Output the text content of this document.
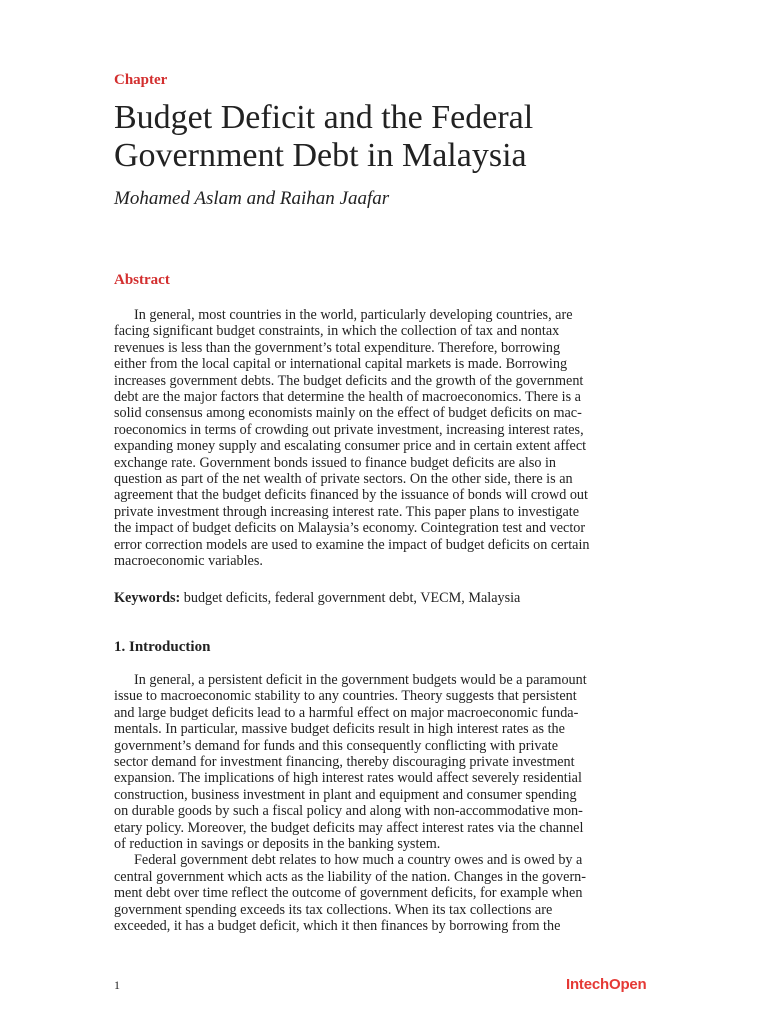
Chapter
Budget Deficit and the Federal
Government Debt in Malaysia
Mohamed Aslam and Raihan Jaafar
Abstract
In general, most countries in the world, particularly developing countries, are
facing significant budget constraints, in which the collection of tax and nontax
revenues is less than the government’s total expenditure. Therefore, borrowing
either from the local capital or international capital markets is made. Borrowing
increases government debts. The budget deficits and the growth of the government
debt are the major factors that determine the health of macroeconomics. There is a
solid consensus among economists mainly on the effect of budget deficits on mac-
roeconomics in terms of crowding out private investment, increasing interest rates,
expanding money supply and escalating consumer price and in certain extent affect
exchange rate. Government bonds issued to finance budget deficits are also in
question as part of the net wealth of private sectors. On the other side, there is an
agreement that the budget deficits financed by the issuance of bonds will crowd out
private investment through increasing interest rate. This paper plans to investigate
the impact of budget deficits on Malaysia’s economy. Cointegration test and vector
error correction models are used to examine the impact of budget deficits on certain
macroeconomic variables.
Keywords: budget deficits, federal government debt, VECM, Malaysia
1. Introduction
In general, a persistent deficit in the government budgets would be a paramount
issue to macroeconomic stability to any countries. Theory suggests that persistent
and large budget deficits lead to a harmful effect on major macroeconomic funda-
mentals. In particular, massive budget deficits result in high interest rates as the
government’s demand for funds and this consequently conflicting with private
sector demand for investment financing, thereby discouraging private investment
expansion. The implications of high interest rates would affect severely residential
construction, business investment in plant and equipment and consumer spending
on durable goods by such a fiscal policy and along with non-accommodative mon-
etary policy. Moreover, the budget deficits may affect interest rates via the channel
of reduction in savings or deposits in the banking system.
Federal government debt relates to how much a country owes and is owed by a
central government which acts as the liability of the nation. Changes in the govern-
ment debt over time reflect the outcome of government deficits, for example when
government spending exceeds its tax collections. When its tax collections are
exceeded, it has a budget deficit, which it then finances by borrowing from the
1	IntechOpen
